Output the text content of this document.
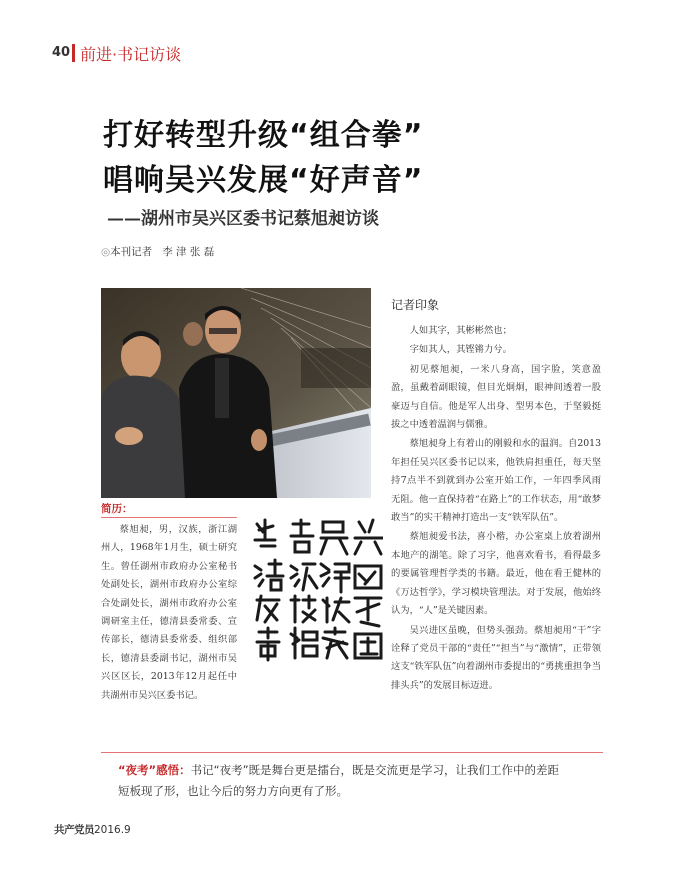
40 前进·书记访谈
打好转型升级“组合拳”
唱响吴兴发展“好声音”
——湖州市吴兴区委书记蔡旭昶访谈
◎本刊记者 李 津 张 磊
简历：
蔡旭昶，男，汉族，浙江湖州人，1968年1月生，硕士研究生。曾任湖州市政府办公室秘书处副处长，湖州市政府办公室综合处副处长，湖州市政府办公室调研室主任，德清县委常委、宣传部长，德清县委常委、组织部长，德清县委副书记，湖州市吴兴区区长，2013年12月起任中共湖州市吴兴区委书记。
记者印象

人如其字，其彬彬然也；

字如其人，其铿锵力兮。

初见蔡旭昶，一米八身高，国字脸，笑意盈盈，虽戴着副眼镜，但目光炯炯，眼神间透着一股豪迈与自信。他是军人出身、型男本色，于坚毅挺拔之中透着温润与儒雅。

蔡旭昶身上有着山的刚毅和水的温润。自2013年担任吴兴区委书记以来，他铁肩担重任，每天坚持7点半不到就到办公室开始工作，一年四季风雨无阻。他一直保持着“在路上”的工作状态，用“敢梦敢当”的实干精神打造出一支“铁军队伍”。

蔡旭昶爱书法，喜小楷，办公室桌上放着湖州本地产的湖笔。除了习字，他喜欢看书，看得最多的要属管理哲学类的书籍。最近，他在看王健林的《万达哲学》，学习模块管理法。对于发展，他始终认为，“人”是关键因素。

吴兴进区虽晚，但势头强劲。蔡旭昶用“干”字诠释了党员干部的“责任”“担当”与“激情”，正带领这支“铁军队伍”向着湖州市委提出的“勇挑重担争当排头兵”的发展目标迈进。

“夜考”感悟：书记“夜考”既是舞台更是擂台，既是交流更是学习，让我们工作中的差距
短板现了形，也让今后的努力方向更有了形。
共产党员2016.9
